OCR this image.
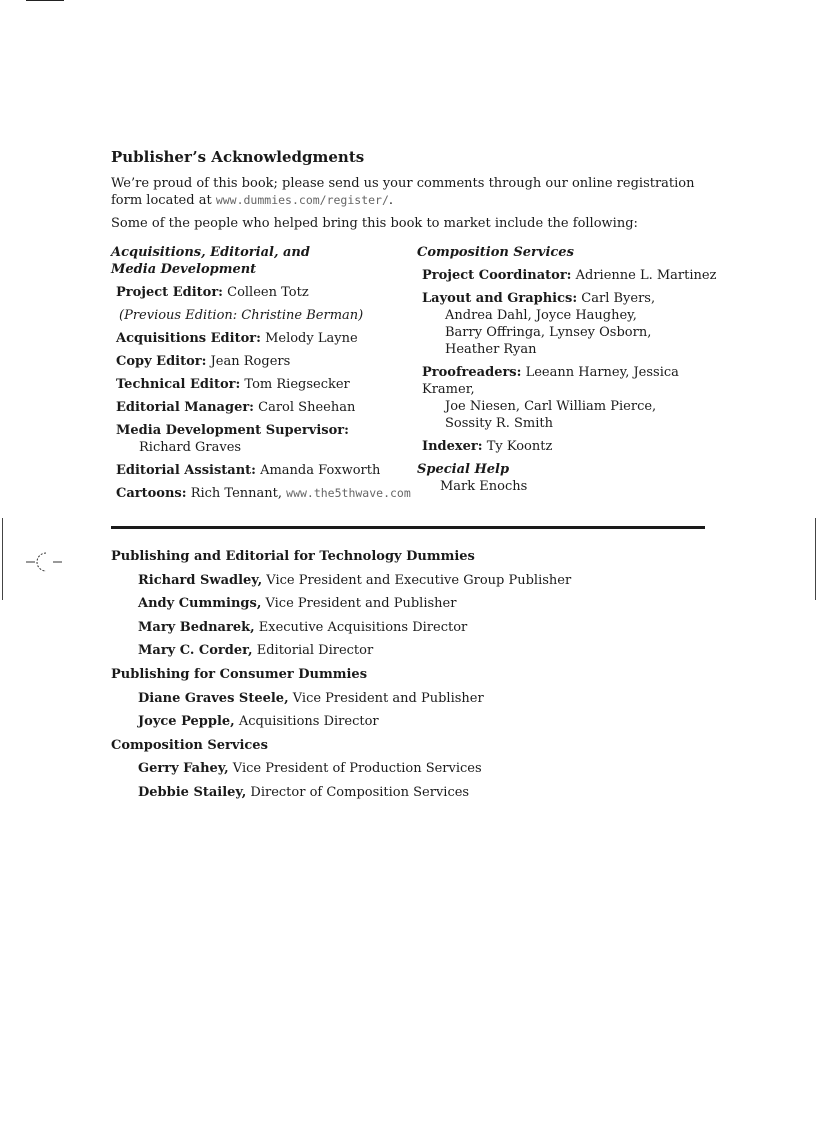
Publisher’s Acknowledgments

We’re proud of this book; please send us your comments through our online registration form located at www.dummies.com/register/.

Some of the people who helped bring this book to market include the following:

Acquisitions, Editorial, and
Media Development
Project Editor: Colleen Totz
(Previous Edition: Christine Berman)
Acquisitions Editor: Melody Layne
Copy Editor: Jean Rogers
Technical Editor: Tom Riegsecker
Editorial Manager: Carol Sheehan
Media Development Supervisor:
Richard Graves
Editorial Assistant: Amanda Foxworth
Cartoons: Rich Tennant, www.the5thwave.com
Composition Services
Project Coordinator: Adrienne L. Martinez
Layout and Graphics: Carl Byers,
Andrea Dahl, Joyce Haughey,
Barry Offringa, Lynsey Osborn,
Heather Ryan
Proofreaders: Leeann Harney, Jessica Kramer,
Joe Niesen, Carl William Pierce,
Sossity R. Smith
Indexer: Ty Koontz
Special Help
Mark Enochs
Publishing and Editorial for Technology Dummies
Richard Swadley, Vice President and Executive Group Publisher
Andy Cummings, Vice President and Publisher
Mary Bednarek, Executive Acquisitions Director
Mary C. Corder, Editorial Director
Publishing for Consumer Dummies
Diane Graves Steele, Vice President and Publisher
Joyce Pepple, Acquisitions Director
Composition Services
Gerry Fahey, Vice President of Production Services
Debbie Stailey, Director of Composition Services
